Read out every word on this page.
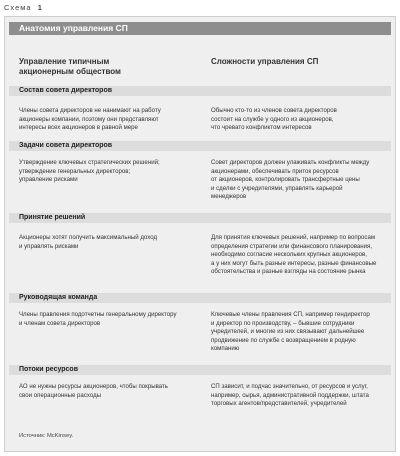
Схема 1
Анатомия управления СП
Управление типичным
акционерным обществом
Сложности управления СП
Состав совета директоров
Члены совета директоров не нанимают на работу
акционеры компании, поэтому они представляют
интересы всех акционеров в равной мере
Обычно кто-то из членов совета директоров
состоит на службе у одного из акционеров,
что чревато конфликтом интересов
Задачи совета директоров
Утверждение ключевых стратегических решений;
утверждение генеральных директоров;
управление рисками
Совет директоров должен улаживать конфликты между
акционерами, обеспечивать приток ресурсов
от акционеров, контролировать трансфертные цены
и сделки с учредителями, управлять карьерой
менеджеров
Принятие решений
Акционеры хотят получить максимальный доход
и управлять рисками
Для принятия ключевых решений, например по вопросам
определения стратегии или финансового планирования,
необходимо согласие нескольких крупных акционеров,
а у них могут быть разные интересы, разные финансовые
обстоятельства и разные взгляды на состояние рынка
Руководящая команда
Члены правления подотчетны генеральному директору
и членам совета директоров
Ключевые члены правления СП, например гендиректор
и директор по производству, – бывшие сотрудники
учредителей, и многие из них связывают дальнейшее
продвижение по службе с возвращением в родную
компанию
Потоки ресурсов
АО не нужны ресурсы акционеров, чтобы покрывать
свои операционные расходы
СП зависит, и подчас значительно, от ресурсов и услуг,
например, сырья, административной поддержки, штата
торговых агентов/представителей, учредителей
Источник: McKinsey.
